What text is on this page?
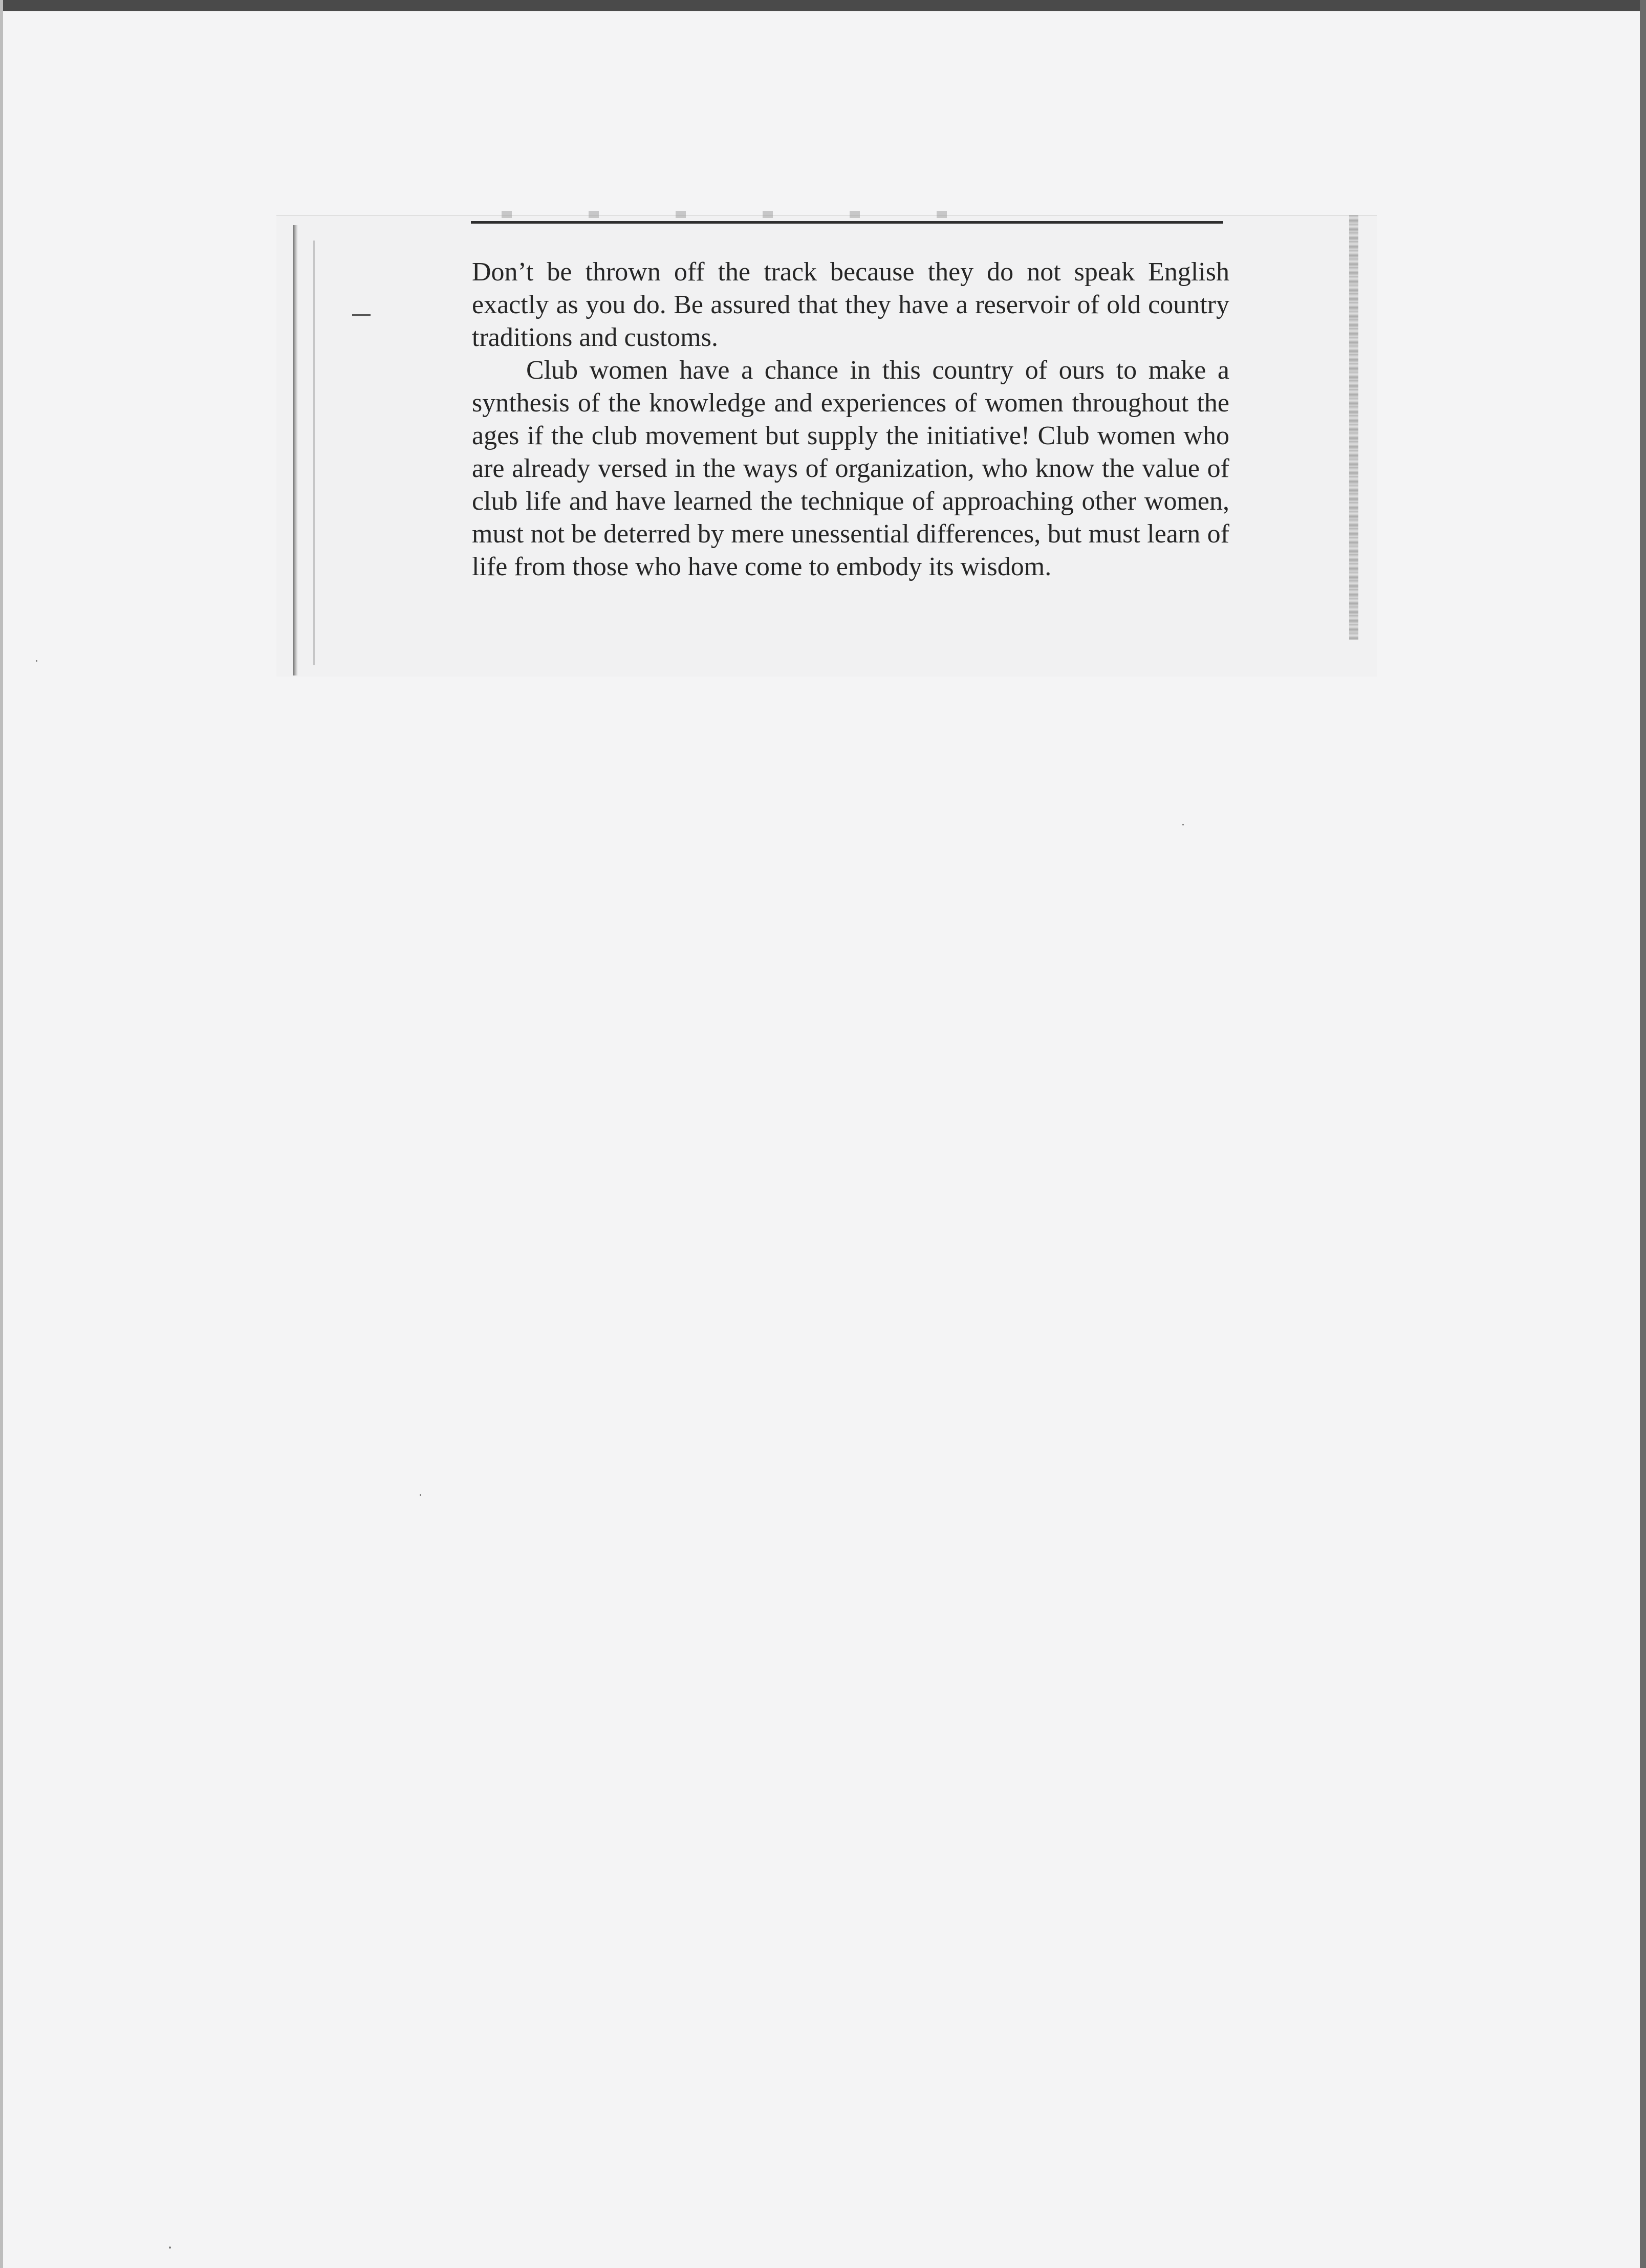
Don’t be thrown off the track because they do not speak English exactly as you do. Be assured that they have a reservoir of old country traditions and customs.

Club women have a chance in this country of ours to make a synthesis of the knowledge and experiences of women throughout the ages if the club movement but supply the initiative! Club women who are already versed in the ways of organization, who know the value of club life and have learned the technique of approaching other women, must not be deterred by mere unessential differences, but must learn of life from those who have come to embody its wisdom.
